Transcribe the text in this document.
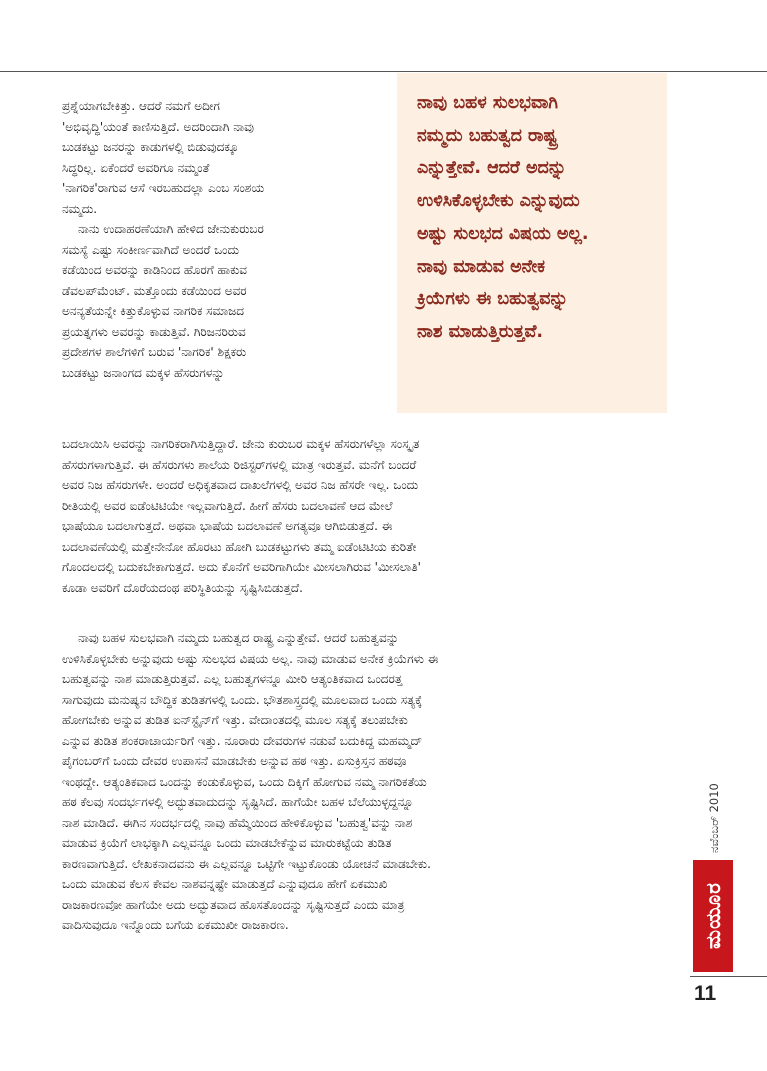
ನಾವು ಬಹಳ ಸುಲಭವಾಗಿ
ನಮ್ಮದು ಬಹುತ್ವದ ರಾಷ್ಟ್ರ
ಎನ್ನುತ್ತೇವೆ. ಆದರೆ ಅದನ್ನು
ಉಳಿಸಿಕೊಳ್ಳಬೇಕು ಎನ್ನುವುದು
ಅಷ್ಟು ಸುಲಭದ ವಿಷಯ ಅಲ್ಲ.
ನಾವು ಮಾಡುವ ಅನೇಕ
ಕ್ರಿಯೆಗಳು ಈ ಬಹುತ್ವವನ್ನು
ನಾಶ ಮಾಡುತ್ತಿರುತ್ತವೆ.
ಪ್ರಶ್ನೆಯಾಗಬೇಕಿತ್ತು. ಆದರೆ ನಮಗೆ ಅದೀಗ
'ಅಭಿವೃದ್ಧಿ'ಯಂತೆ ಕಾಣಿಸುತ್ತಿದೆ. ಅದರಿಂದಾಗಿ ನಾವು
ಬುಡಕಟ್ಟು ಜನರನ್ನು ಕಾಡುಗಳಲ್ಲಿ ಬಿಡುವುದಕ್ಕೂ
ಸಿದ್ಧರಿಲ್ಲ. ಏಕೆಂದರೆ ಅವರಿಗೂ ನಮ್ಮಂತೆ
'ನಾಗರಿಕ'ರಾಗುವ ಆಸೆ ಇರಬಹುದಲ್ಲಾ ಎಂಬ ಸಂಶಯ
ನಮ್ಮದು.
ನಾನು ಉದಾಹರಣೆಯಾಗಿ ಹೇಳಿದ ಜೇನುಕುರುಬರ
ಸಮಸ್ಯೆ ಎಷ್ಟು ಸಂಕೀರ್ಣವಾಗಿದೆ ಅಂದರೆ ಒಂದು
ಕಡೆಯಿಂದ ಅವರನ್ನು ಕಾಡಿನಿಂದ ಹೊರಗೆ ಹಾಕುವ
ಡೆವಲಪ್‌ಮೆಂಟ್. ಮತ್ತೊಂದು ಕಡೆಯಿಂದ ಅವರ
ಅನನ್ಯತೆಯನ್ನೇ ಕಿತ್ತುಕೊಳ್ಳುವ ನಾಗರಿಕ ಸಮಾಜದ
ಪ್ರಯತ್ನಗಳು ಅವರನ್ನು ಕಾಡುತ್ತಿವೆ. ಗಿರಿಜನರಿರುವ
ಪ್ರದೇಶಗಳ ಶಾಲೆಗಳಿಗೆ ಬರುವ 'ನಾಗರಿಕ' ಶಿಕ್ಷಕರು
ಬುಡಕಟ್ಟು ಜನಾಂಗದ ಮಕ್ಕಳ ಹೆಸರುಗಳನ್ನು
ಬದಲಾಯಿಸಿ ಅವರನ್ನು ನಾಗರಿಕರಾಗಿಸುತ್ತಿದ್ದಾರೆ. ಜೇನು ಕುರುಬರ ಮಕ್ಕಳ ಹೆಸರುಗಳೆಲ್ಲಾ ಸಂಸ್ಕೃತ
ಹೆಸರುಗಳಾಗುತ್ತಿವೆ. ಈ ಹೆಸರುಗಳು ಶಾಲೆಯ ರಿಜಿಸ್ಟರ್‌ಗಳಲ್ಲಿ ಮಾತ್ರ ಇರುತ್ತವೆ. ಮನೆಗೆ ಬಂದರೆ
ಅವರ ನಿಜ ಹೆಸರುಗಳೇ. ಅಂದರೆ ಅಧಿಕೃತವಾದ ದಾಖಲೆಗಳಲ್ಲಿ ಅವರ ನಿಜ ಹೆಸರೇ ಇಲ್ಲ. ಒಂದು
ರೀತಿಯಲ್ಲಿ ಅವರ ಐಡೆಂಟಿಟಿಯೇ ಇಲ್ಲವಾಗುತ್ತಿದೆ. ಹೀಗೆ ಹೆಸರು ಬದಲಾವಣೆ ಆದ ಮೇಲೆ
ಭಾಷೆಯೂ ಬದಲಾಗುತ್ತದೆ. ಅಥವಾ ಭಾಷೆಯ ಬದಲಾವಣೆ ಅಗತ್ಯವೂ ಆಗಿಬಿಡುತ್ತದೆ. ಈ
ಬದಲಾವಣೆಯಲ್ಲಿ ಮತ್ತೇನೇನೋ ಹೊರಟು ಹೋಗಿ ಬುಡಕಟ್ಟುಗಳು ತಮ್ಮ ಐಡೆಂಟಿಟಿಯ ಕುರಿತೇ
ಗೊಂದಲದಲ್ಲಿ ಬದುಕಬೇಕಾಗುತ್ತದೆ. ಅದು ಕೊನೆಗೆ ಅವರಿಗಾಗಿಯೇ ಮೀಸಲಾಗಿರುವ 'ಮೀಸಲಾತಿ'
ಕೂಡಾ ಅವರಿಗೆ ದೊರೆಯದಂಥ ಪರಿಸ್ಥಿತಿಯನ್ನು ಸೃಷ್ಟಿಸಿಬಿಡುತ್ತದೆ.
ನಾವು ಬಹಳ ಸುಲಭವಾಗಿ ನಮ್ಮದು ಬಹುತ್ವದ ರಾಷ್ಟ್ರ ಎನ್ನುತ್ತೇವೆ. ಆದರೆ ಬಹುತ್ವವನ್ನು
ಉಳಿಸಿಕೊಳ್ಳಬೇಕು ಅನ್ನುವುದು ಅಷ್ಟು ಸುಲಭದ ವಿಷಯ ಅಲ್ಲ. ನಾವು ಮಾಡುವ ಅನೇಕ ಕ್ರಿಯೆಗಳು ಈ
ಬಹುತ್ವವನ್ನು ನಾಶ ಮಾಡುತ್ತಿರುತ್ತವೆ. ಎಲ್ಲ ಬಹುತ್ವಗಳನ್ನೂ ಮೀರಿ ಆತ್ಯಂತಿಕವಾದ ಒಂದರತ್ತ
ಸಾಗುವುದು ಮನುಷ್ಯನ ಬೌದ್ಧಿಕ ತುಡಿತಗಳಲ್ಲಿ ಒಂದು. ಭೌತಶಾಸ್ತ್ರದಲ್ಲಿ ಮೂಲವಾದ ಒಂದು ಸತ್ಯಕ್ಕೆ
ಹೋಗಬೇಕು ಅನ್ನುವ ತುಡಿತ ಐನ್‌ಸ್ಟೈನ್‌ಗೆ ಇತ್ತು. ವೇದಾಂತದಲ್ಲಿ ಮೂಲ ಸತ್ಯಕ್ಕೆ ತಲುಪಬೇಕು
ಎನ್ನುವ ತುಡಿತ ಶಂಕರಾಚಾರ್ಯರಿಗೆ ಇತ್ತು. ನೂರಾರು ದೇವರುಗಳ ನಡುವೆ ಬದುಕಿದ್ದ ಮಹಮ್ಮದ್
ಪೈಗಂಬರ್‌ಗೆ ಒಂದು ದೇವರ ಉಪಾಸನೆ ಮಾಡಬೇಕು ಅನ್ನುವ ಹಠ ಇತ್ತು. ಏಸುಕ್ರಿಸ್ತನ ಹಠವೂ
ಇಂಥದ್ದೇ. ಆತ್ಯಂತಿಕವಾದ ಒಂದನ್ನು ಕಂಡುಕೊಳ್ಳುವ, ಒಂದು ದಿಕ್ಕಿಗೆ ಹೋಗುವ ನಮ್ಮ ನಾಗರಿಕತೆಯ
ಹಠ ಕೆಲವು ಸಂದರ್ಭಗಳಲ್ಲಿ ಅದ್ಭುತವಾದುದನ್ನು ಸೃಷ್ಟಿಸಿದೆ. ಹಾಗೆಯೇ ಬಹಳ ಬೆಲೆಯುಳ್ಳದ್ದನ್ನೂ
ನಾಶ ಮಾಡಿದೆ. ಈಗಿನ ಸಂದರ್ಭದಲ್ಲಿ ನಾವು ಹೆಮ್ಮೆಯಿಂದ ಹೇಳಿಕೊಳ್ಳುವ 'ಬಹುತ್ವ'ವನ್ನು ನಾಶ
ಮಾಡುವ ಕ್ರಿಯೆಗೆ ಲಾಭಕ್ಕಾಗಿ ಎಲ್ಲವನ್ನೂ ಒಂದು ಮಾಡಬೇಕೆನ್ನುವ ಮಾರುಕಟ್ಟೆಯ ತುಡಿತ
ಕಾರಣವಾಗುತ್ತಿದೆ. ಲೇಖಕನಾದವನು ಈ ಎಲ್ಲವನ್ನೂ ಒಟ್ಟಿಗೇ ಇಟ್ಟುಕೊಂಡು ಯೋಚನೆ ಮಾಡಬೇಕು.
ಒಂದು ಮಾಡುವ ಕೆಲಸ ಕೇವಲ ನಾಶವನ್ನಷ್ಟೇ ಮಾಡುತ್ತದೆ ಎನ್ನುವುದೂ ಹೇಗೆ ಏಕಮುಖಿ
ರಾಜಕಾರಣವೋ ಹಾಗೆಯೇ ಅದು ಅದ್ಭುತವಾದ ಹೊಸತೊಂದನ್ನು ಸೃಷ್ಟಿಸುತ್ತದೆ ಎಂದು ಮಾತ್ರ
ವಾದಿಸುವುದೂ ಇನ್ನೊಂದು ಬಗೆಯ ಏಕಮುಖೀ ರಾಜಕಾರಣ.
ನವೆಂಬರ್ 2010
ಮಯೂರ
11
